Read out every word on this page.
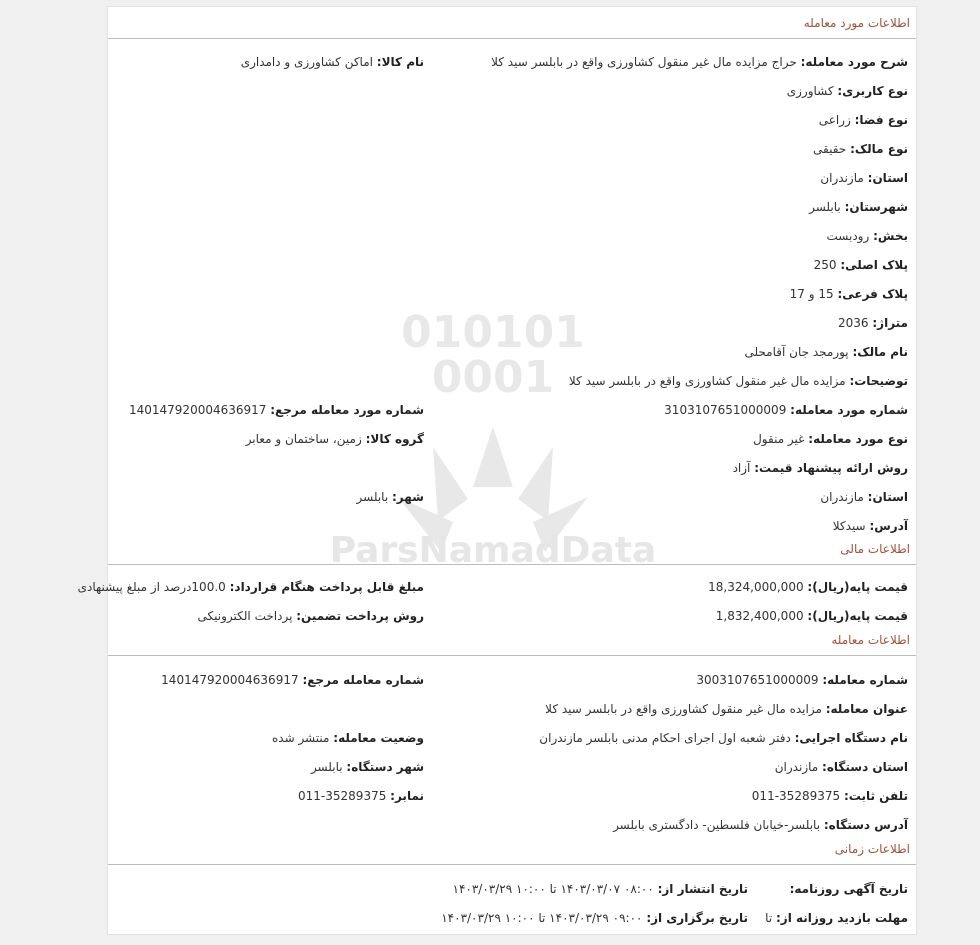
010101
0001
ParsNamadData
اطلاعات مورد معامله
شرح مورد معامله: حراج مزایده مال غیر منقول کشاورزی واقع در بابلسر سید کلا
نام کالا: اماکن کشاورزی و دامداری
نوع کاربری: کشاورزی
نوع فضا: زراعی
نوع مالک: حقیقی
استان: مازندران
شهرستان: بابلسر
بخش: رودبست
پلاک اصلی: 250
پلاک فرعی: 15 و 17
متراژ: 2036
نام مالک: پورمجد جان آقامحلی
توضیحات: مزایده مال غیر منقول کشاورزی واقع در بابلسر سید کلا
شماره مورد معامله: 3103107651000009
شماره مورد معامله مرجع: 140147920004636917
نوع مورد معامله: غیر منقول
گروه کالا: زمین، ساختمان و معابر
روش ارائه پیشنهاد قیمت: آزاد
استان: مازندران
شهر: بابلسر
آدرس: سیدکلا
اطلاعات مالی
قیمت پایه(ریال): 18,324,000,000
مبلغ قابل پرداخت هنگام قرارداد: 100.0درصد از مبلغ پیشنهادی
قیمت پایه(ریال): 1,832,400,000
روش پرداخت تضمین: پرداخت الکترونیکی
اطلاعات معامله
شماره معامله: 3003107651000009
شماره معامله مرجع: 140147920004636917
عنوان معامله: مزایده مال غیر منقول کشاورزی واقع در بابلسر سید کلا
نام دستگاه اجرایی: دفتر شعبه اول اجرای احکام مدنی بابلسر مازندران
وضعیت معامله: منتشر شده
استان دستگاه: مازندران
شهر دستگاه: بابلسر
تلفن ثابت: 35289375-011
نمابر: 35289375-011
آدرس دستگاه: بابلسر-خیابان فلسطین- دادگستری بابلسر
اطلاعات زمانی
تاریخ آگهی روزنامه:
تاریخ انتشار از: ۰۸:۰۰ ۱۴۰۳/۰۳/۰۷ تا ۱۰:۰۰ ۱۴۰۳/۰۳/۲۹
مهلت بازدید روزانه از: تا
تاریخ برگزاری از: ۰۹:۰۰ ۱۴۰۳/۰۳/۲۹ تا ۱۰:۰۰ ۱۴۰۳/۰۳/۲۹
